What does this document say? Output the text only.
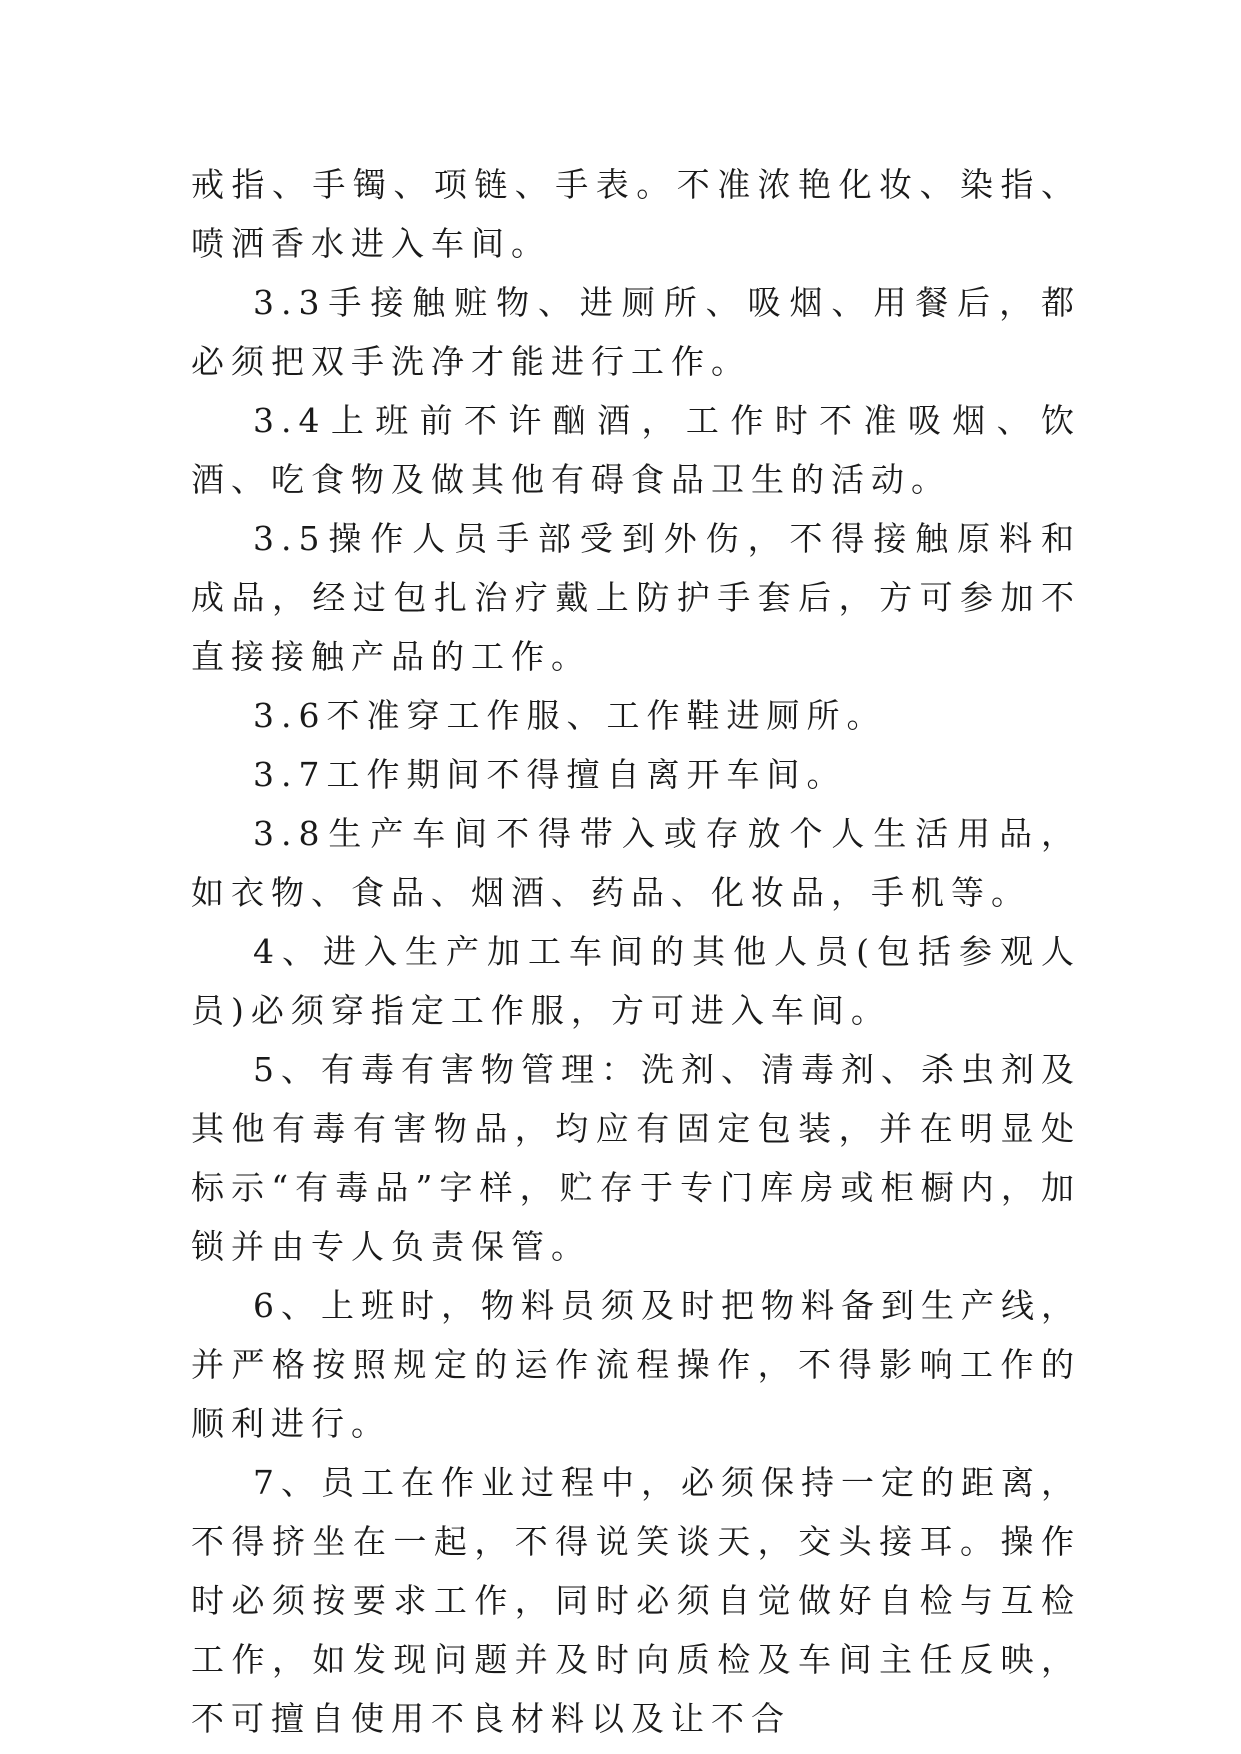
戒指、手镯、项链、手表。不准浓艳化妆、染指、喷洒香水进入车间。

3.3手接触赃物、进厕所、吸烟、用餐后，都必须把双手洗净才能进行工作。

3.4上班前不许酗酒，工作时不准吸烟、饮酒、吃食物及做其他有碍食品卫生的活动。

3.5操作人员手部受到外伤，不得接触原料和成品，经过包扎治疗戴上防护手套后，方可参加不直接接触产品的工作。

3.6不准穿工作服、工作鞋进厕所。

3.7工作期间不得擅自离开车间。

3.8生产车间不得带入或存放个人生活用品，如衣物、食品、烟酒、药品、化妆品，手机等。

4、进入生产加工车间的其他人员(包括参观人员)必须穿指定工作服，方可进入车间。

5、有毒有害物管理：洗剂、清毒剂、杀虫剂及其他有毒有害物品，均应有固定包装，并在明显处标示“有毒品”字样，贮存于专门库房或柜橱内，加锁并由专人负责保管。

6、上班时，物料员须及时把物料备到生产线，并严格按照规定的运作流程操作，不得影响工作的顺利进行。

7、员工在作业过程中，必须保持一定的距离，不得挤坐在一起，不得说笑谈天，交头接耳。操作时必须按要求工作，同时必须自觉做好自检与互检工作，如发现问题并及时向质检及车间主任反映，不可擅自使用不良材料以及让不合
